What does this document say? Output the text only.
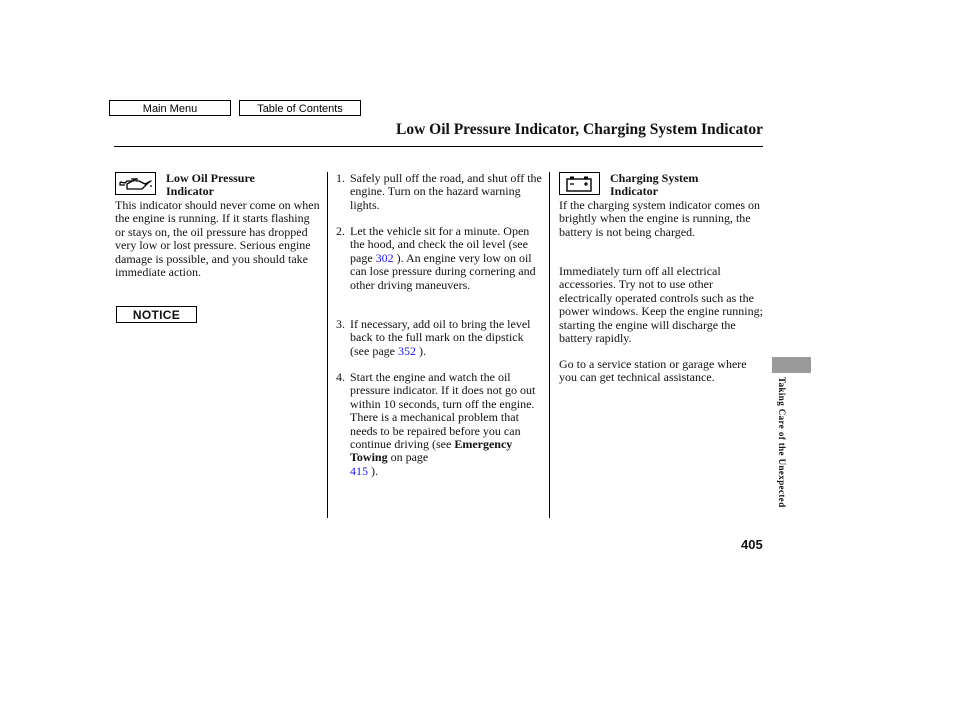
Main Menu	Table of Contents
Low Oil Pressure Indicator, Charging System Indicator
Low Oil Pressure
Indicator
This indicator should never come on when the engine is running. If it starts flashing or stays on, the oil pressure has dropped very low or lost pressure. Serious engine damage is possible, and you should take immediate action.
NOTICE
1. Safely pull off the road, and shut off the engine. Turn on the hazard warning lights.
2. Let the vehicle sit for a minute. Open the hood, and check the oil level (see page 302 ). An engine very low on oil can lose pressure during cornering and other driving maneuvers.
3. If necessary, add oil to bring the level back to the full mark on the dipstick (see page 352 ).
4. Start the engine and watch the oil pressure indicator. If it does not go out within 10 seconds, turn off the engine. There is a mechanical problem that needs to be repaired before you can continue driving (see Emergency Towing on page
415 ).
Charging System
Indicator
If the charging system indicator comes on brightly when the engine is running, the battery is not being charged.
Immediately turn off all electrical accessories. Try not to use other electrically operated controls such as the power windows. Keep the engine running; starting the engine will discharge the battery rapidly.
Go to a service station or garage where you can get technical assistance.	Taking Care of the Unexpected
405
